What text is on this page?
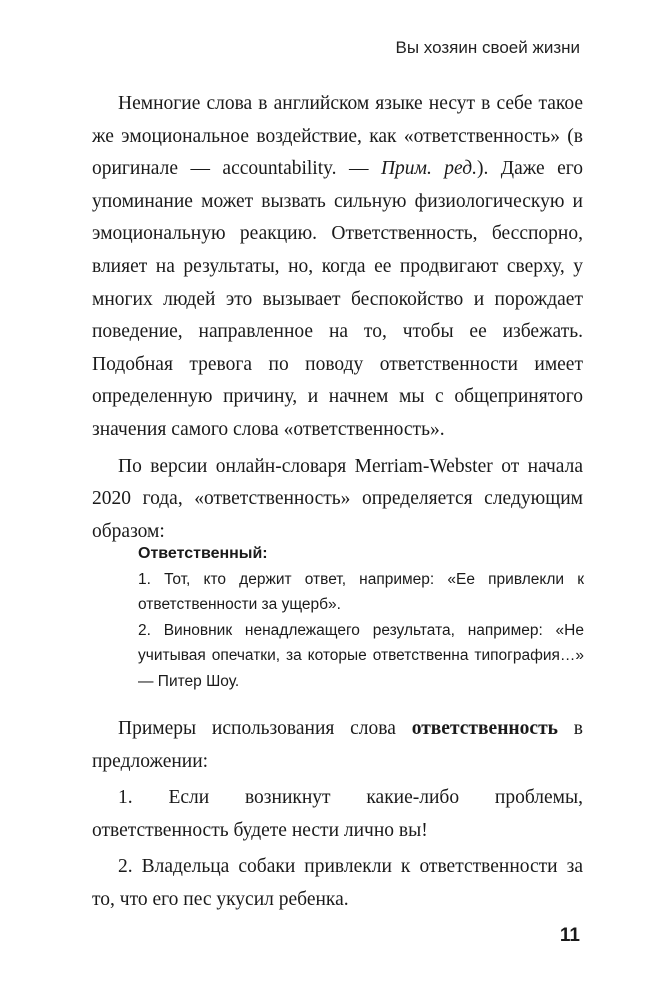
Вы хозяин своей жизни

Немногие слова в английском языке несут в себе такое же эмоциональное воздействие, как «ответственность» (в оригинале — accountability. — Прим. ред.). Даже его упоминание может вызвать сильную физиологическую и эмоциональную реакцию. Ответственность, бесспорно, влияет на результаты, но, когда ее продвигают сверху, у многих людей это вызывает беспокойство и порождает поведение, направленное на то, чтобы ее избежать. Подобная тревога по поводу ответственности имеет определенную причину, и начнем мы с общепринятого значения самого слова «ответственность».

По версии онлайн-словаря Merriam-Webster от начала 2020 года, «ответственность» определяется следующим образом:

Ответственный:

1. Тот, кто держит ответ, например: «Ее привлекли к ответственности за ущерб».

2. Виновник ненадлежащего результата, например: «Не учитывая опечатки, за которые ответственна типография…» — Питер Шоу.

Примеры использования слова ответственность в предложении:

1. Если возникнут какие-либо проблемы, ответственность будете нести лично вы!

2. Владельца собаки привлекли к ответственности за то, что его пес укусил ребенка.

11
